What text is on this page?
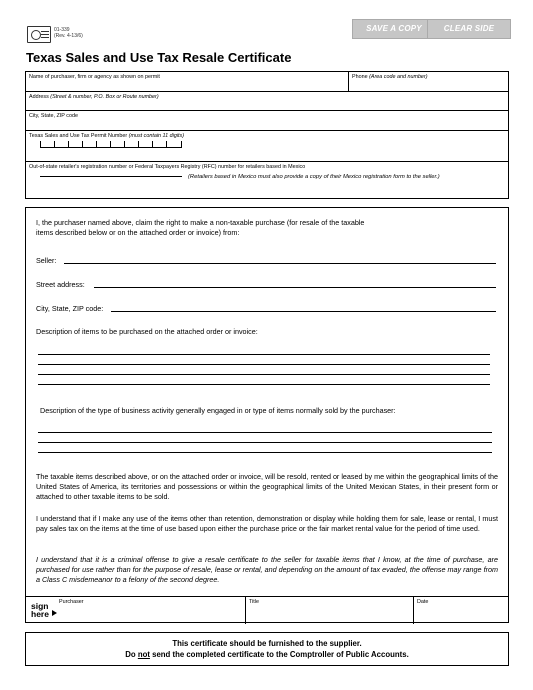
01-339
(Rev. 4-13/6)
SAVE A COPY	CLEAR SIDE
Texas Sales and Use Tax Resale Certificate
Name of purchaser, firm or agency as shown on permit	Phone (Area code and number)
Address (Street & number, P.O. Box or Route number)
City, State, ZIP code
Texas Sales and Use Tax Permit Number (must contain 11 digits)
Out-of-state retailer's registration number or Federal Taxpayers Registry (RFC) number for retailers based in Mexico
(Retailers based in Mexico must also provide a copy of their Mexico registration form to the seller.)
I, the purchaser named above, claim the right to make a non-taxable purchase (for resale of the taxable
items described below or on the attached order or invoice) from:
Seller:
Street address:
City, State, ZIP code:
Description of items to be purchased on the attached order or invoice:
Description of the type of business activity generally engaged in or type of items normally sold by the purchaser:
The taxable items described above, or on the attached order or invoice, will be resold, rented or leased by me within the geographical limits of the United States of America, its territories and possessions or within the geographical limits of the United Mexican States, in their present form or attached to other taxable items to be sold.
I understand that if I make any use of the items other than retention, demonstration or display while holding them for sale, lease or rental, I must pay sales tax on the items at the time of use based upon either the purchase price or the fair market rental value for the period of time used.
I understand that it is a criminal offense to give a resale certificate to the seller for taxable items that I know, at the time of purchase, are purchased for use rather than for the purpose of resale, lease or rental, and depending on the amount of tax evaded, the offense may range from a Class C misdemeanor to a felony of the second degree.
sign
here
Purchaser	Title	Date
This certificate should be furnished to the supplier.
Do not send the completed certificate to the Comptroller of Public Accounts.
